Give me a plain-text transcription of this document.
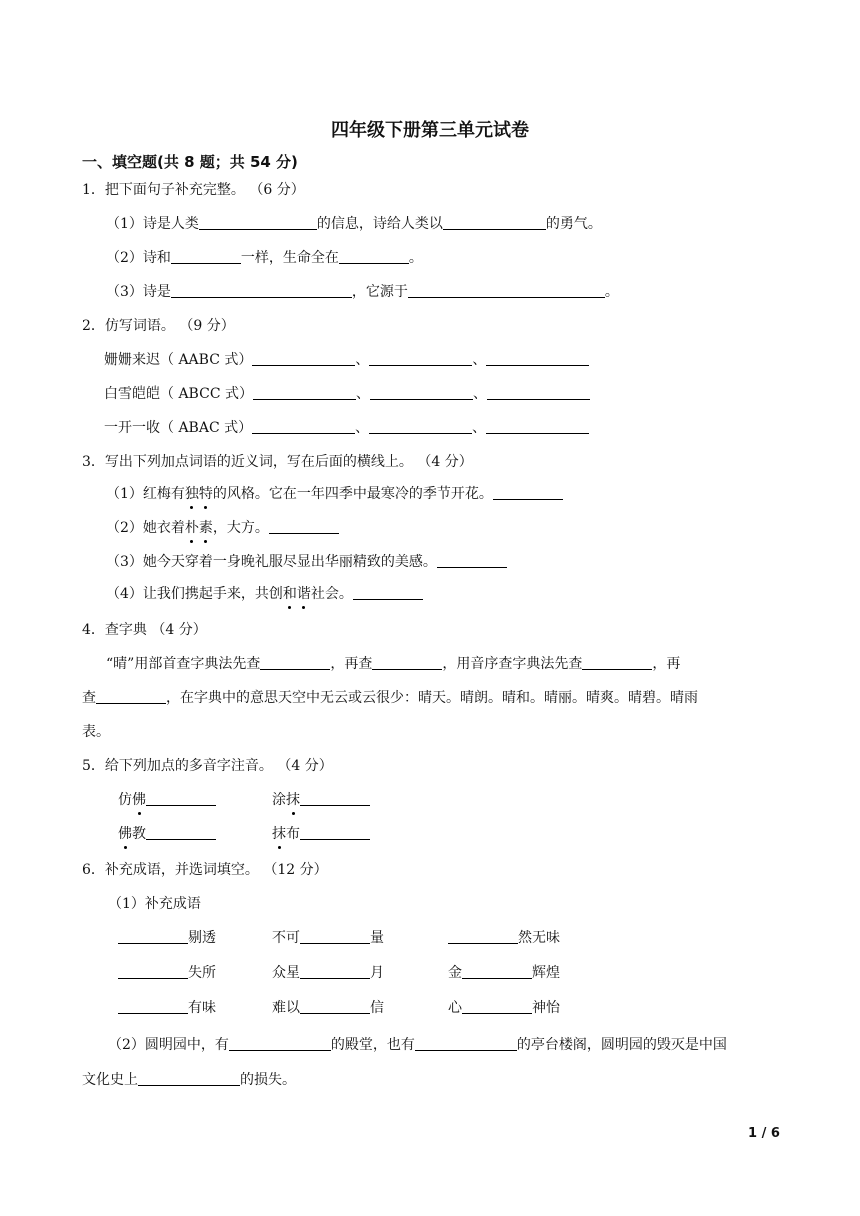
四年级下册第三单元试卷
一、填空题(共 8 题；共 54 分)
1．把下面句子补充完整。 （6 分）
（1）诗是人类	的信息，诗给人类以	的勇气。
（2）诗和	一样，生命全在	。
（3）诗是	，它源于	。
2．仿写词语。 （9 分）
姗姗来迟（ AABC 式）	、	、
白雪皑皑（ ABCC 式）	、	、
一开一收（ ABAC 式）	、	、
3．写出下列加点词语的近义词，写在后面的横线上。 （4 分）
（1）红梅有独特的风格。它在一年四季中最寒冷的季节开花。
（2）她衣着朴素，大方。
（3）她今天穿着一身晚礼服尽显出华丽精致的美感。
（4）让我们携起手来，共创和谐社会。
4．查字典 （4 分）
“晴”用部首查字典法先查	，再查	，用音序查字典法先查	，再
查	，在字典中的意思天空中无云或云很少：晴天。晴朗。晴和。晴丽。晴爽。晴碧。晴雨
表。
5．给下列加点的多音字注音。 （4 分）
仿佛	涂抹
佛教	抹布
6．补充成语，并选词填空。 （12 分）
（1）补充成语
剔透	不可	量	然无味
失所	众星	月	金	辉煌
有味	难以	信	心	神怡
（2）圆明园中，有	的殿堂，也有	的亭台楼阁，圆明园的毁灭是中国
文化史上	的损失。
1 / 6
